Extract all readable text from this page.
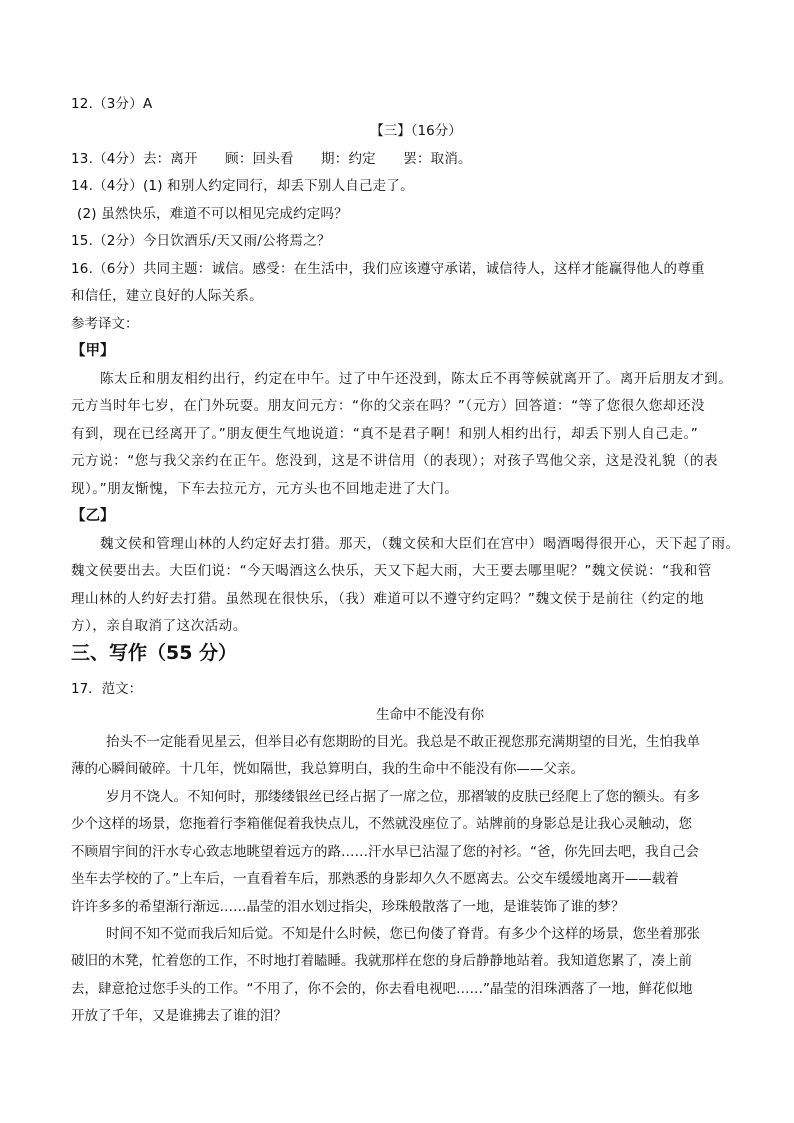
12.（3分）A
【三】（16分）
13.（4分）去：离开　　顾：回头看　　期：约定　　罢：取消。
14.（4分）(1) 和别人约定同行，却丢下别人自己走了。
(2) 虽然快乐，难道不可以相见完成约定吗？
15.（2分）今日饮酒乐/天又雨/公将焉之？
16.（6分）共同主题：诚信。感受：在生活中，我们应该遵守承诺，诚信待人，这样才能赢得他人的尊重
和信任，建立良好的人际关系。
参考译文：
【甲】
陈太丘和朋友相约出行，约定在中午。过了中午还没到，陈太丘不再等候就离开了。离开后朋友才到。
元方当时年七岁，在门外玩耍。朋友问元方：“你的父亲在吗？”（元方）回答道：“等了您很久您却还没
有到，现在已经离开了。”朋友便生气地说道：“真不是君子啊！和别人相约出行，却丢下别人自己走。”
元方说：“您与我父亲约在正午。您没到，这是不讲信用（的表现）；对孩子骂他父亲，这是没礼貌（的表
现）。”朋友惭愧，下车去拉元方，元方头也不回地走进了大门。
【乙】
魏文侯和管理山林的人约定好去打猎。那天，（魏文侯和大臣们在宫中）喝酒喝得很开心，天下起了雨。
魏文侯要出去。大臣们说：“今天喝酒这么快乐，天又下起大雨，大王要去哪里呢？”魏文侯说：“我和管
理山林的人约好去打猎。虽然现在很快乐，（我）难道可以不遵守约定吗？”魏文侯于是前往（约定的地
方），亲自取消了这次活动。
三、写作（55 分）
17．范文：
生命中不能没有你
抬头不一定能看见星云，但举目必有您期盼的目光。我总是不敢正视您那充满期望的目光，生怕我单
薄的心瞬间破碎。十几年，恍如隔世，我总算明白，我的生命中不能没有你——父亲。
岁月不饶人。不知何时，那缕缕银丝已经占据了一席之位，那褶皱的皮肤已经爬上了您的额头。有多
少个这样的场景，您拖着行李箱催促着我快点儿，不然就没座位了。站牌前的身影总是让我心灵触动，您
不顾眉宇间的汗水专心致志地眺望着远方的路……汗水早已沾湿了您的衬衫。“爸，你先回去吧，我自己会
坐车去学校的了。”上车后，一直看着车后，那熟悉的身影却久久不愿离去。公交车缓缓地离开——载着
许许多多的希望渐行渐远……晶莹的泪水划过指尖，珍珠般散落了一地，是谁装饰了谁的梦？
时间不知不觉而我后知后觉。不知是什么时候，您已佝偻了脊背。有多少个这样的场景，您坐着那张
破旧的木凳，忙着您的工作，不时地打着瞌睡。我就那样在您的身后静静地站着。我知道您累了，凑上前
去，肆意抢过您手头的工作。“不用了，你不会的，你去看电视吧……”晶莹的泪珠洒落了一地，鲜花似地
开放了千年，又是谁拂去了谁的泪？
